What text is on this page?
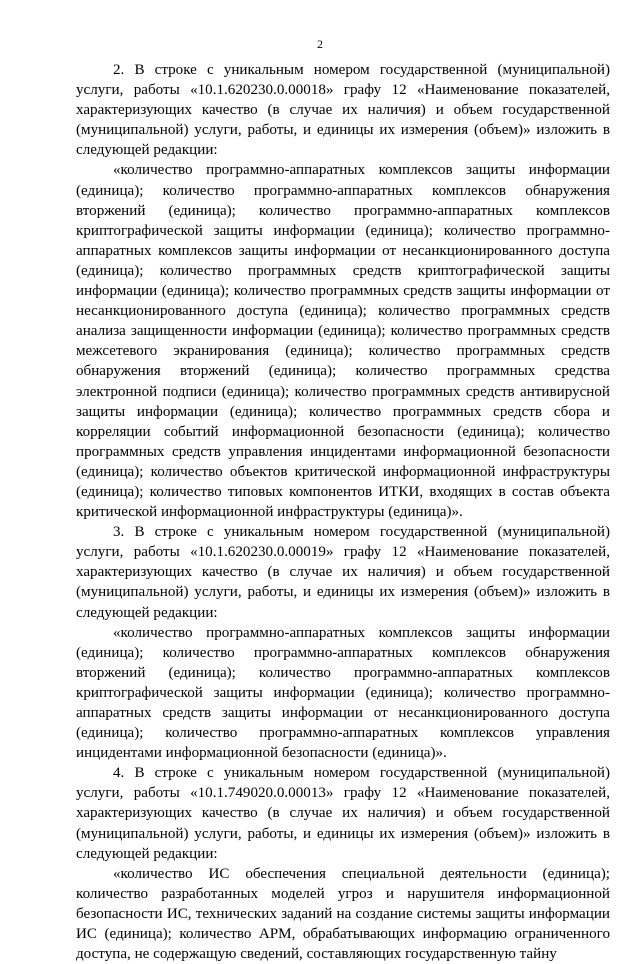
2

2. В строке с уникальным номером государственной (муниципальной) услуги, работы «10.1.620230.0.00018» графу 12 «Наименование показателей, характеризующих качество (в случае их наличия) и объем государственной (муниципальной) услуги, работы, и единицы их измерения (объем)» изложить в следующей редакции:

«количество программно-аппаратных комплексов защиты информации (единица); количество программно-аппаратных комплексов обнаружения вторжений (единица); количество программно-аппаратных комплексов криптографической защиты информации (единица); количество программно-аппаратных комплексов защиты информации от несанкционированного доступа (единица); количество программных средств криптографической защиты информации (единица); количество программных средств защиты информации от несанкционированного доступа (единица); количество программных средств анализа защищенности информации (единица); количество программных средств межсетевого экранирования (единица); количество программных средств обнаружения вторжений (единица); количество программных средства электронной подписи (единица); количество программных средств антивирусной защиты информации (единица); количество программных средств сбора и корреляции событий информационной безопасности (единица); количество программных средств управления инцидентами информационной безопасности (единица); количество объектов критической информационной инфраструктуры (единица); количество типовых компонентов ИТКИ, входящих в состав объекта критической информационной инфраструктуры (единица)».

3. В строке с уникальным номером государственной (муниципальной) услуги, работы «10.1.620230.0.00019» графу 12 «Наименование показателей, характеризующих качество (в случае их наличия) и объем государственной (муниципальной) услуги, работы, и единицы их измерения (объем)» изложить в следующей редакции:

«количество программно-аппаратных комплексов защиты информации (единица); количество программно-аппаратных комплексов обнаружения вторжений (единица); количество программно-аппаратных комплексов криптографической защиты информации (единица); количество программно-аппаратных средств защиты информации от несанкционированного доступа (единица); количество программно-аппаратных комплексов управления инцидентами информационной безопасности (единица)».

4. В строке с уникальным номером государственной (муниципальной) услуги, работы «10.1.749020.0.00013» графу 12 «Наименование показателей, характеризующих качество (в случае их наличия) и объем государственной (муниципальной) услуги, работы, и единицы их измерения (объем)» изложить в следующей редакции:

«количество ИС обеспечения специальной деятельности (единица); количество разработанных моделей угроз и нарушителя информационной безопасности ИС, технических заданий на создание системы защиты информации ИС (единица); количество АРМ, обрабатывающих информацию ограниченного доступа, не содержащую сведений, составляющих государственную тайну
